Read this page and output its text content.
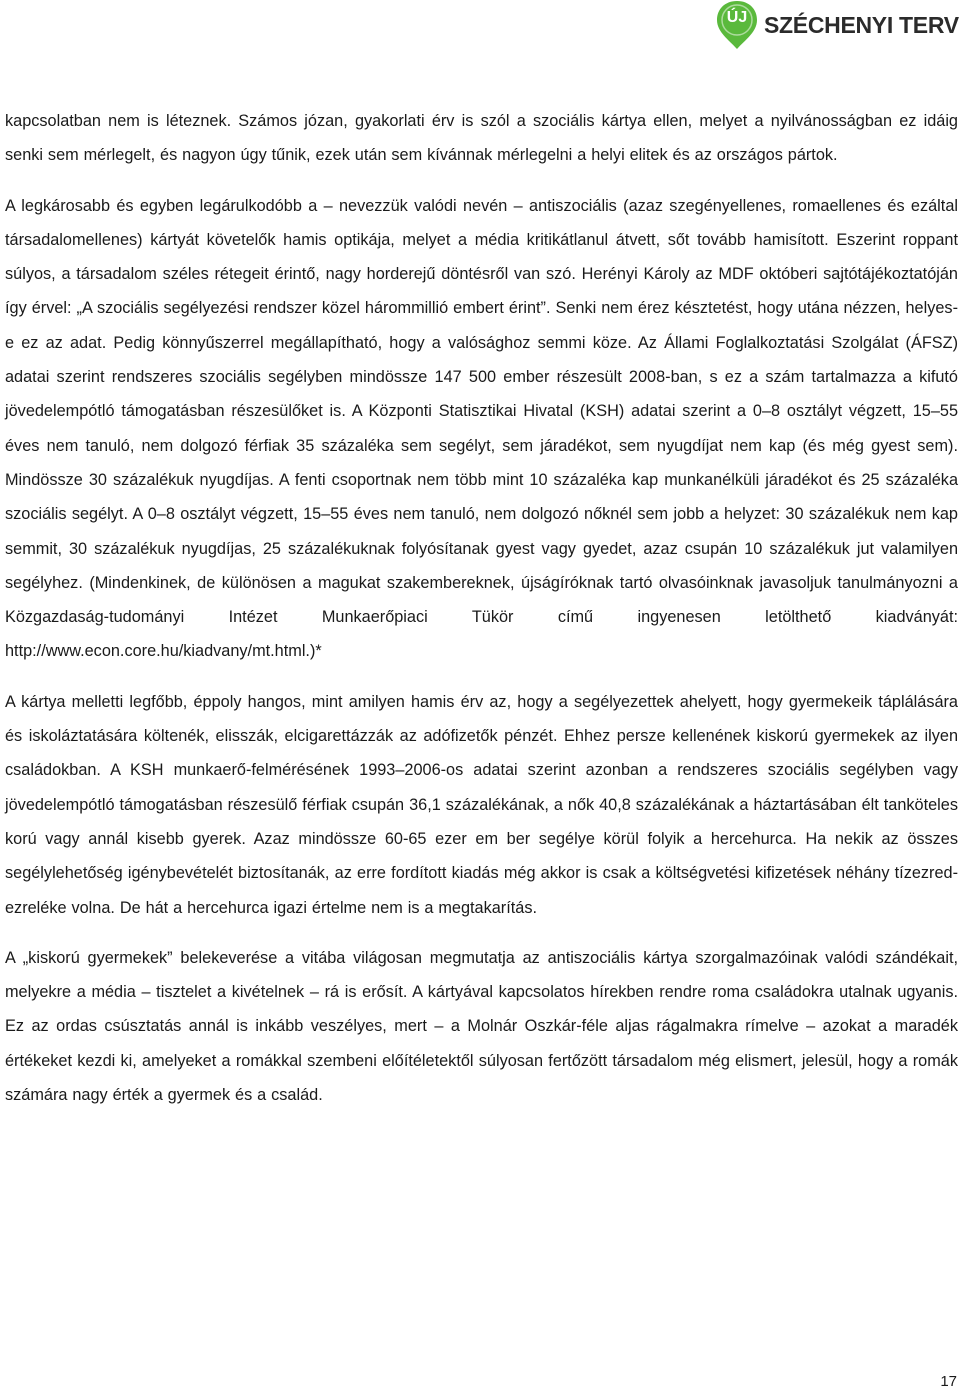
ÚJ SZÉCHENYI TERV

kapcsolatban nem is léteznek. Számos józan, gyakorlati érv is szól a szociális kártya ellen, melyet a nyilvánosságban ez idáig senki sem mérlegelt, és nagyon úgy tűnik, ezek után sem kívánnak mérlegelni a helyi elitek és az országos pártok.

A legkárosabb és egyben legárulkodóbb a – nevezzük valódi nevén – antiszociális (azaz szegényellenes, romaellenes és ezáltal társadalomellenes) kártyát követelők hamis optikája, melyet a média kritikátlanul átvett, sőt tovább hamisított. Eszerint roppant súlyos, a társadalom széles rétegeit érintő, nagy horderejű döntésről van szó. Herényi Károly az MDF októberi sajtótájékoztatóján így érvel: „A szociális segélyezési rendszer közel hárommillió embert érint”. Senki nem érez késztetést, hogy utána nézzen, helyes-e ez az adat. Pedig könnyűszerrel megállapítható, hogy a valósághoz semmi köze. Az Állami Foglalkoztatási Szolgálat (ÁFSZ) adatai szerint rendszeres szociális segélyben mindössze 147 500 ember részesült 2008-ban, s ez a szám tartalmazza a kifutó jövedelempótló támogatásban részesülőket is. A Központi Statisztikai Hivatal (KSH) adatai szerint a 0–8 osztályt végzett, 15–55 éves nem tanuló, nem dolgozó férfiak 35 százaléka sem segélyt, sem járadékot, sem nyugdíjat nem kap (és még gyest sem). Mindössze 30 százalékuk nyugdíjas. A fenti csoportnak nem több mint 10 százaléka kap munkanélküli járadékot és 25 százaléka szociális segélyt. A 0–8 osztályt végzett, 15–55 éves nem tanuló, nem dolgozó nőknél sem jobb a helyzet: 30 százalékuk nem kap semmit, 30 százalékuk nyugdíjas, 25 százalékuknak folyósítanak gyest vagy gyedet, azaz csupán 10 százalékuk jut valamilyen segélyhez. (Mindenkinek, de különösen a magukat szakembereknek, újságíróknak tartó olvasóinknak javasoljuk tanulmányozni a Közgazdaság-tudományi Intézet Munkaerőpiaci Tükör című ingyenesen letölthető kiadványát: http://www.econ.core.hu/kiadvany/mt.html.)*

A kártya melletti legfőbb, éppoly hangos, mint amilyen hamis érv az, hogy a segélyezettek ahelyett, hogy gyermekeik táplálására és iskoláztatására költenék, elisszák, elcigarettázzák az adófizetők pénzét. Ehhez persze kellenének kiskorú gyermekek az ilyen családokban. A KSH munkaerő-felmérésének 1993–2006-os adatai szerint azonban a rendszeres szociális segélyben vagy jövedelempótló támogatásban részesülő férfiak csupán 36,1 százalékának, a nők 40,8 százalékának a háztartásában élt tanköteles korú vagy annál kisebb gyerek. Azaz mindössze 60-65 ezer em ber segélye körül folyik a hercehurca. Ha nekik az összes segélylehetőség igénybevételét biztosítanák, az erre fordított kiadás még akkor is csak a költségvetési kifizetések néhány tízezred-ezreléke volna. De hát a hercehurca igazi értelme nem is a megtakarítás.

A „kiskorú gyermekek” belekeverése a vitába világosan megmutatja az antiszociális kártya szorgalmazóinak valódi szándékait, melyekre a média – tisztelet a kivételnek – rá is erősít. A kártyával kapcsolatos hírekben rendre roma családokra utalnak ugyanis. Ez az ordas csúsztatás annál is inkább veszélyes, mert – a Molnár Oszkár-féle aljas rágalmakra rímelve – azokat a maradék értékeket kezdi ki, amelyeket a romákkal szembeni előítéletektől súlyosan fertőzött társadalom még elismert, jelesül, hogy a romák számára nagy érték a gyermek és a család.

17
